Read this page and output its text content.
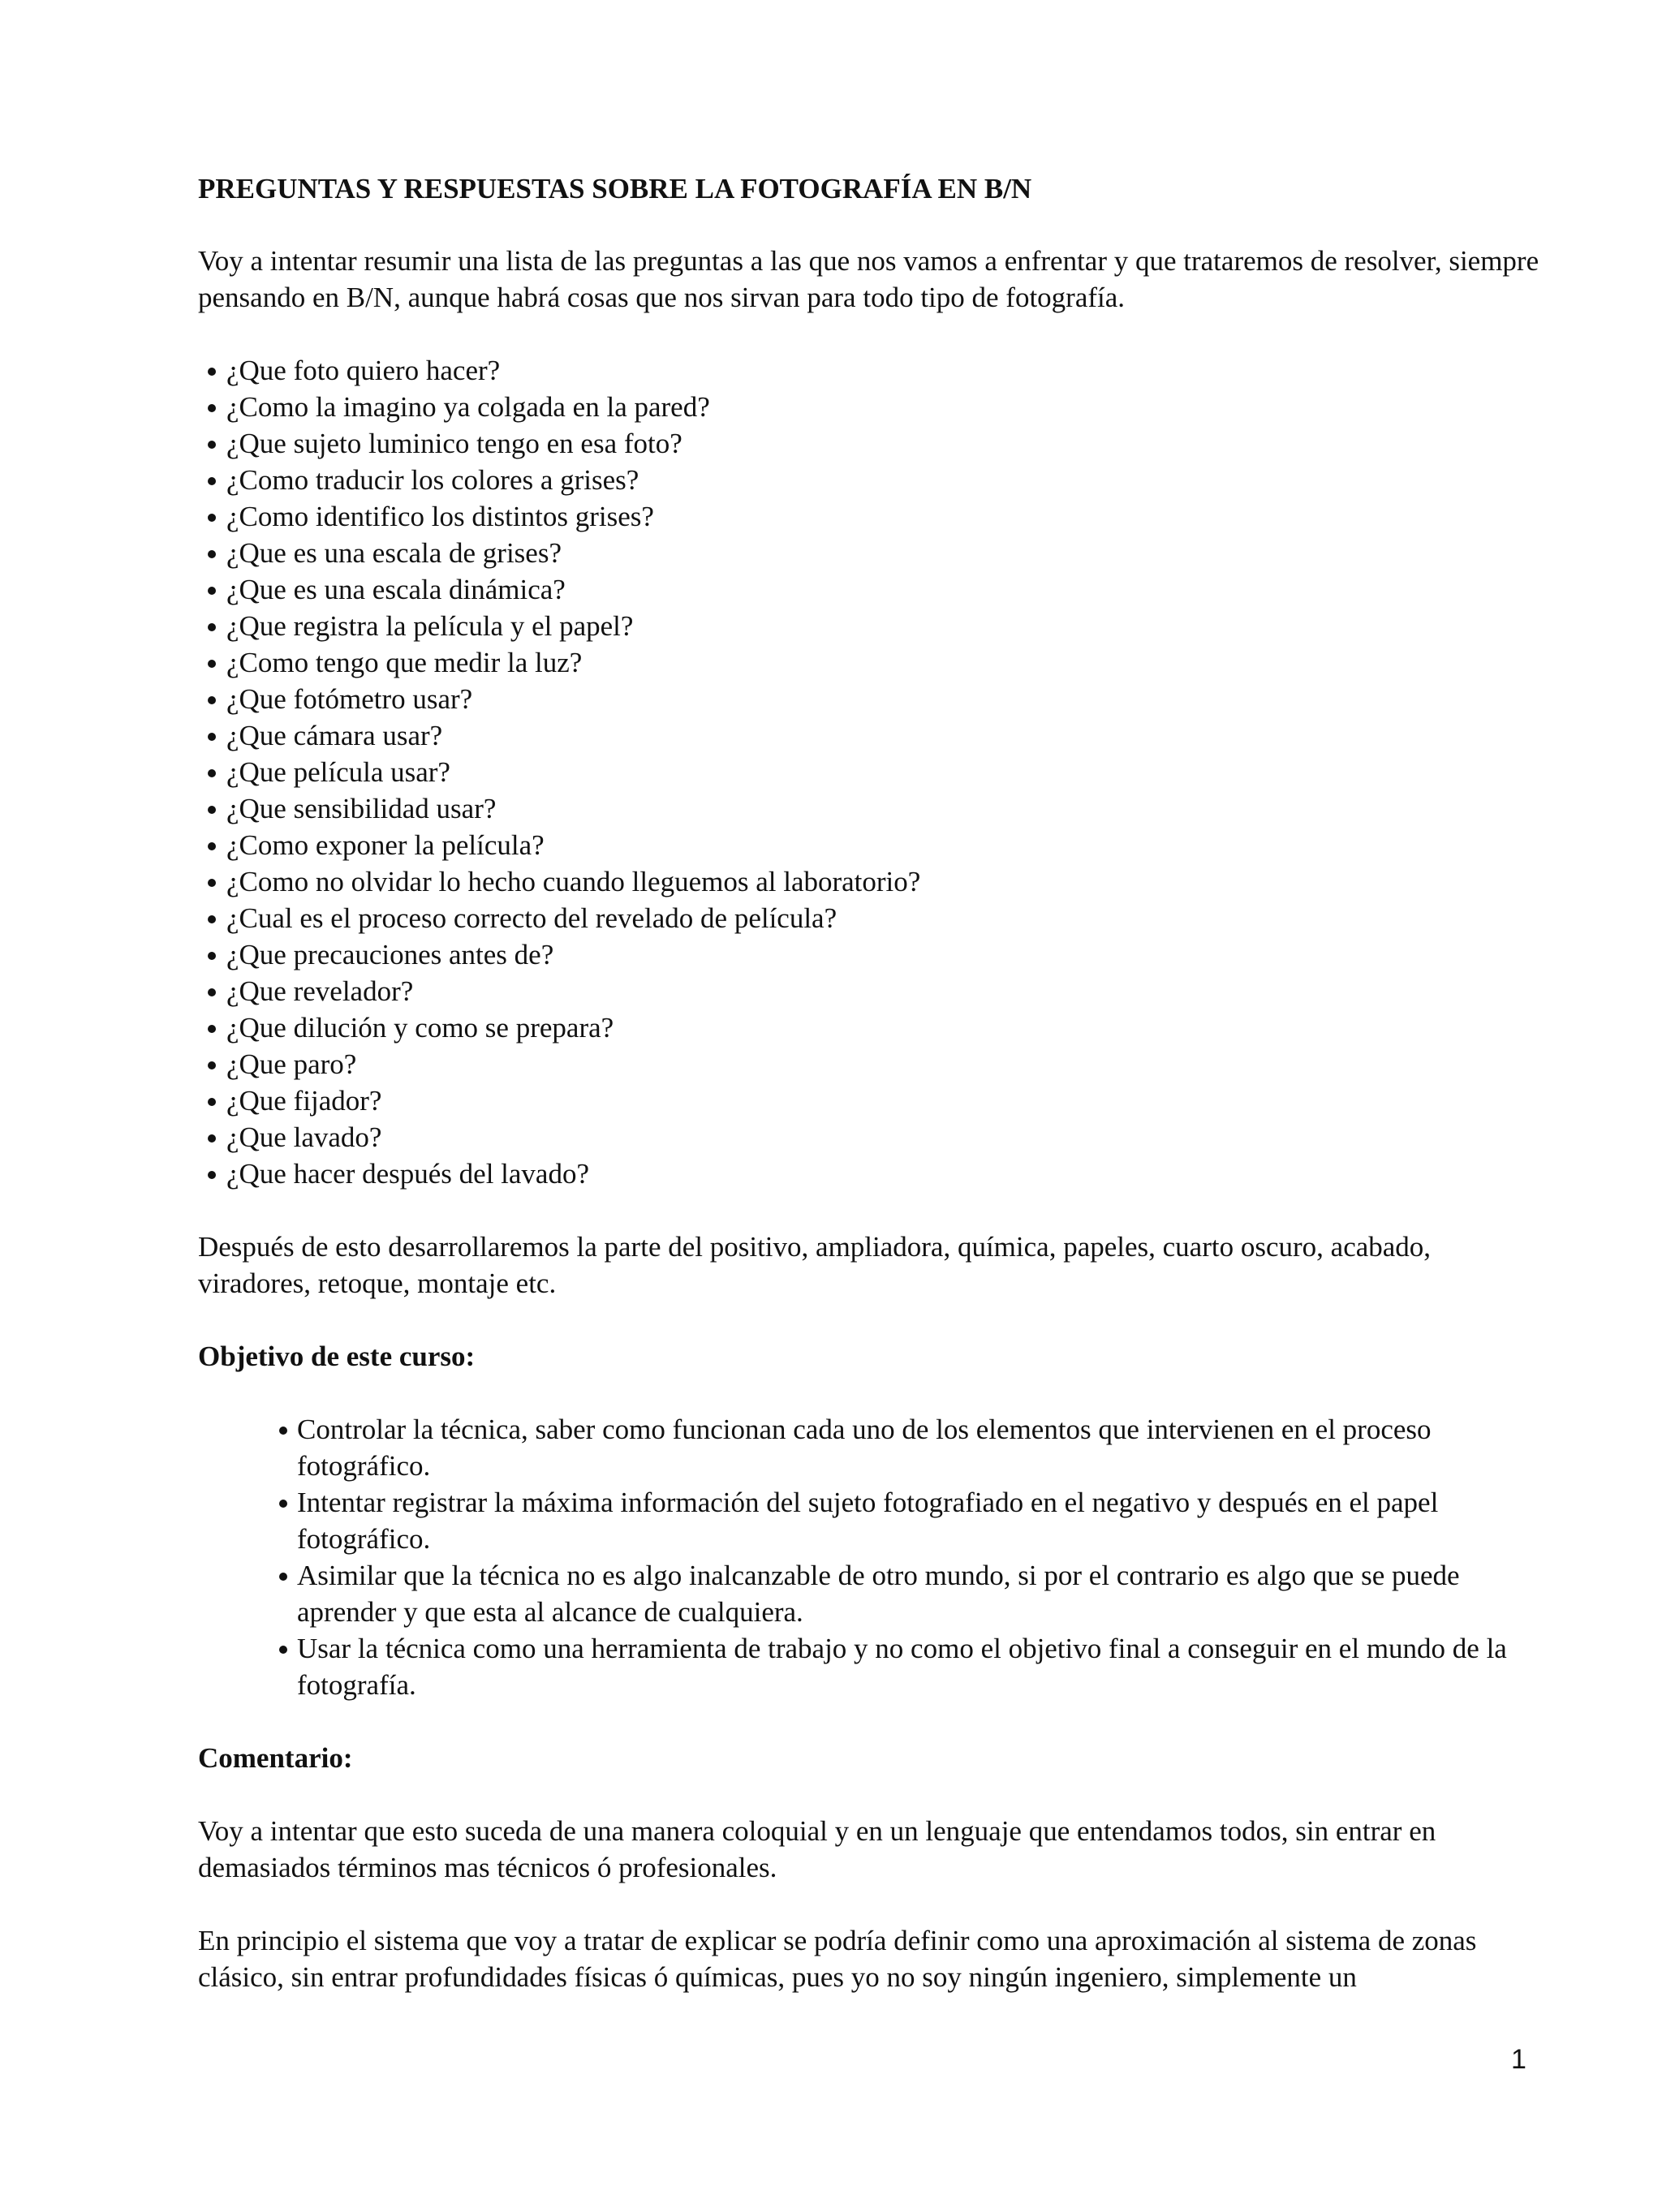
PREGUNTAS Y RESPUESTAS SOBRE LA FOTOGRAFÍA EN B/N

Voy a intentar resumir una lista de las preguntas a las que nos vamos a enfrentar y que trataremos de resolver, siempre pensando en B/N, aunque habrá cosas que nos sirvan para todo tipo de fotografía.

¿Que foto quiero hacer?
¿Como la imagino ya colgada en la pared?
¿Que sujeto luminico tengo en esa foto?
¿Como traducir los colores a grises?
¿Como identifico los distintos grises?
¿Que es una escala de grises?
¿Que es una escala dinámica?
¿Que registra la película y el papel?
¿Como tengo que medir la luz?
¿Que fotómetro usar?
¿Que cámara usar?
¿Que película usar?
¿Que sensibilidad usar?
¿Como exponer la película?
¿Como no olvidar lo hecho cuando lleguemos al laboratorio?
¿Cual es el proceso correcto del revelado de película?
¿Que precauciones antes de?
¿Que revelador?
¿Que dilución y como se prepara?
¿Que paro?
¿Que fijador?
¿Que lavado?
¿Que hacer después del lavado?

Después de esto desarrollaremos la parte del positivo, ampliadora, química, papeles, cuarto oscuro, acabado, viradores, retoque, montaje etc.

Objetivo de este curso:

Controlar la técnica, saber como funcionan cada uno de los elementos que intervienen en el proceso fotográfico.
Intentar registrar la máxima información del sujeto fotografiado en el negativo y después en el papel fotográfico.
Asimilar que la técnica no es algo inalcanzable de otro mundo, si por el contrario es algo que se puede aprender y que esta al alcance de cualquiera.
Usar la técnica como una herramienta de trabajo y no como el objetivo final a conseguir en el mundo de la fotografía.

Comentario:

Voy a intentar que esto suceda de una manera coloquial y en un lenguaje que entendamos todos, sin entrar en demasiados términos mas técnicos ó profesionales.

En principio el sistema que voy a tratar de explicar se podría definir como una aproximación al sistema de zonas clásico, sin entrar profundidades físicas ó químicas, pues yo no soy ningún ingeniero, simplemente un

1
